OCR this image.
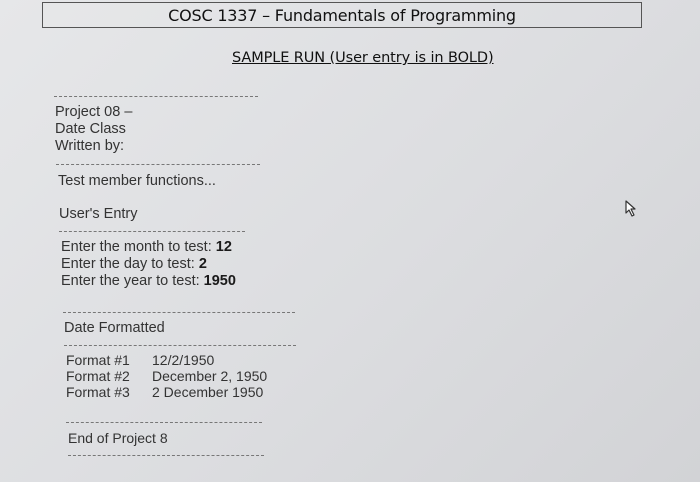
COSC 1337 – Fundamentals of Programming
SAMPLE RUN (User entry is in BOLD)
Project 08 –
Date Class
Written by:
Test member functions...
User's Entry
Enter the month to test: 12
Enter the day to test: 2
Enter the year to test: 1950
Date Formatted
Format #1 12/2/1950
Format #2 December 2, 1950
Format #3 2 December 1950
End of Project 8
